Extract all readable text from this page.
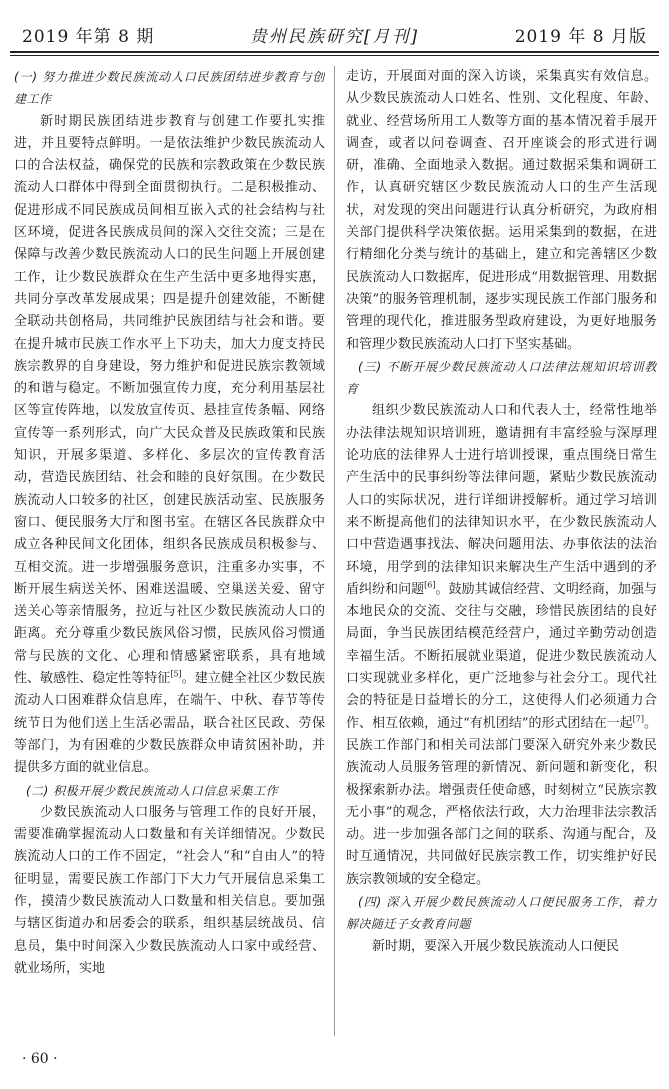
2019 年第 8 期	贵州民族研究[月刊]	2019 年 8 月版

(一) 努力推进少数民族流动人口民族团结进步教育与创建工作

新时期民族团结进步教育与创建工作要扎实推进，并且要特点鲜明。一是依法维护少数民族流动人口的合法权益，确保党的民族和宗教政策在少数民族流动人口群体中得到全面贯彻执行。二是积极推动、促进形成不同民族成员间相互嵌入式的社会结构与社区环境，促进各民族成员间的深入交往交流；三是在保障与改善少数民族流动人口的民生问题上开展创建工作，让少数民族群众在生产生活中更多地得实惠，共同分享改革发展成果；四是提升创建效能，不断健全联动共创格局，共同维护民族团结与社会和谐。要在提升城市民族工作水平上下功夫，加大力度支持民族宗教界的自身建设，努力维护和促进民族宗教领域的和谐与稳定。不断加强宣传力度，充分利用基层社区等宣传阵地，以发放宣传页、悬挂宣传条幅、网络宣传等一系列形式，向广大民众普及民族政策和民族知识，开展多渠道、多样化、多层次的宣传教育活动，营造民族团结、社会和睦的良好氛围。在少数民族流动人口较多的社区，创建民族活动室、民族服务窗口、便民服务大厅和图书室。在辖区各民族群众中成立各种民间文化团体，组织各民族成员积极参与、互相交流。进一步增强服务意识，注重多办实事，不断开展生病送关怀、困难送温暖、空巢送关爱、留守送关心等亲情服务，拉近与社区少数民族流动人口的距离。充分尊重少数民族风俗习惯，民族风俗习惯通常与民族的文化、心理和情感紧密联系，具有地域性、敏感性、稳定性等特征[5]。建立健全社区少数民族流动人口困难群众信息库，在端午、中秋、春节等传统节日为他们送上生活必需品，联合社区民政、劳保等部门，为有困难的少数民族群众申请贫困补助，并提供多方面的就业信息。

(二) 积极开展少数民族流动人口信息采集工作

少数民族流动人口服务与管理工作的良好开展，需要准确掌握流动人口数量和有关详细情况。少数民族流动人口的工作不固定，“社会人”和“自由人”的特征明显，需要民族工作部门下大力气开展信息采集工作，摸清少数民族流动人口数量和相关信息。要加强与辖区街道办和居委会的联系，组织基层统战员、信息员，集中时间深入少数民族流动人口家中或经营、就业场所，实地

走访，开展面对面的深入访谈，采集真实有效信息。从少数民族流动人口姓名、性别、文化程度、年龄、就业、经营场所用工人数等方面的基本情况着手展开调查，或者以问卷调查、召开座谈会的形式进行调研，准确、全面地录入数据。通过数据采集和调研工作，认真研究辖区少数民族流动人口的生产生活现状，对发现的突出问题进行认真分析研究，为政府相关部门提供科学决策依据。运用采集到的数据，在进行精细化分类与统计的基础上，建立和完善辖区少数民族流动人口数据库，促进形成“用数据管理、用数据决策”的服务管理机制，逐步实现民族工作部门服务和管理的现代化，推进服务型政府建设，为更好地服务和管理少数民族流动人口打下坚实基础。

(三) 不断开展少数民族流动人口法律法规知识培训教育

组织少数民族流动人口和代表人士，经常性地举办法律法规知识培训班，邀请拥有丰富经验与深厚理论功底的法律界人士进行培训授课，重点围绕日常生产生活中的民事纠纷等法律问题，紧贴少数民族流动人口的实际状况，进行详细讲授解析。通过学习培训来不断提高他们的法律知识水平，在少数民族流动人口中营造遇事找法、解决问题用法、办事依法的法治环境，用学到的法律知识来解决生产生活中遇到的矛盾纠纷和问题[6]。鼓励其诚信经营、文明经商，加强与本地民众的交流、交往与交融，珍惜民族团结的良好局面，争当民族团结模范经营户，通过辛勤劳动创造幸福生活。不断拓展就业渠道，促进少数民族流动人口实现就业多样化，更广泛地参与社会分工。现代社会的特征是日益增长的分工，这使得人们必须通力合作、相互依赖，通过“有机团结”的形式团结在一起[7]。民族工作部门和相关司法部门要深入研究外来少数民族流动人员服务管理的新情况、新问题和新变化，积极探索新办法。增强责任使命感，时刻树立“民族宗教无小事”的观念，严格依法行政，大力治理非法宗教活动。进一步加强各部门之间的联系、沟通与配合，及时互通情况，共同做好民族宗教工作，切实维护好民族宗教领域的安全稳定。

(四) 深入开展少数民族流动人口便民服务工作，着力解决随迁子女教育问题

新时期，要深入开展少数民族流动人口便民

· 60 ·
